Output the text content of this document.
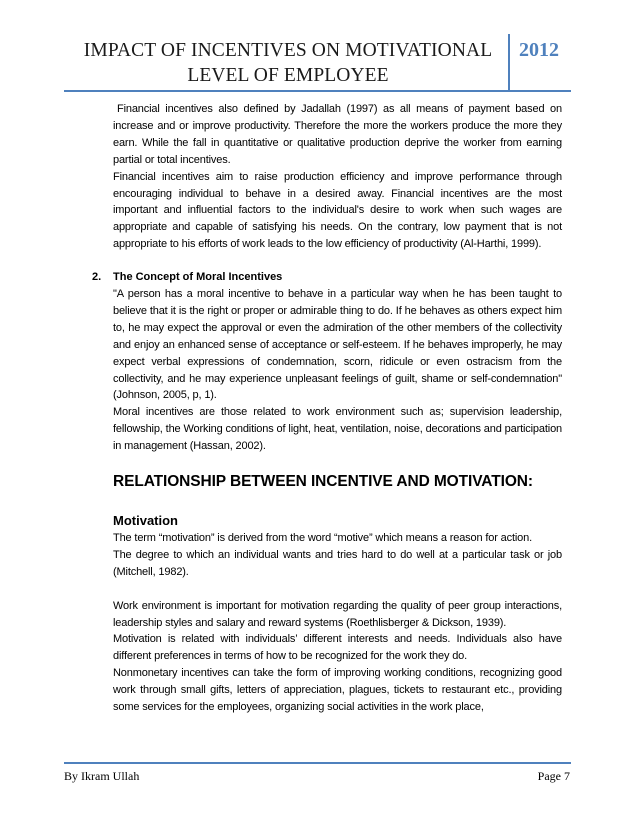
IMPACT OF INCENTIVES ON MOTIVATIONAL LEVEL OF EMPLOYEE
2012

Financial incentives also defined by Jadallah (1997) as all means of payment based on increase and or improve productivity. Therefore the more the workers produce the more they earn. While the fall in quantitative or qualitative production deprive the worker from earning partial or total incentives.

Financial incentives aim to raise production efficiency and improve performance through encouraging individual to behave in a desired away. Financial incentives are the most important and influential factors to the individual's desire to work when such wages are appropriate and capable of satisfying his needs. On the contrary, low payment that is not appropriate to his efforts of work leads to the low efficiency of productivity (Al-Harthi, 1999).

2. The Concept of Moral Incentives

"A person has a moral incentive to behave in a particular way when he has been taught to believe that it is the right or proper or admirable thing to do. If he behaves as others expect him to, he may expect the approval or even the admiration of the other members of the collectivity and enjoy an enhanced sense of acceptance or self-esteem. If he behaves improperly, he may expect verbal expressions of condemnation, scorn, ridicule or even ostracism from the collectivity, and he may experience unpleasant feelings of guilt, shame or self-condemnation" (Johnson, 2005, p, 1).

Moral incentives are those related to work environment such as; supervision leadership, fellowship, the Working conditions of light, heat, ventilation, noise, decorations and participation in management (Hassan, 2002).

RELATIONSHIP BETWEEN INCENTIVE AND MOTIVATION:
Motivation

The term “motivation” is derived from the word “motive” which means a reason for action.

The degree to which an individual wants and tries hard to do well at a particular task or job (Mitchell, 1982).

Work environment is important for motivation regarding the quality of peer group interactions, leadership styles and salary and reward systems (Roethlisberger & Dickson, 1939).

Motivation is related with individuals’ different interests and needs. Individuals also have different preferences in terms of how to be recognized for the work they do.

Nonmonetary incentives can take the form of improving working conditions, recognizing good work through small gifts, letters of appreciation, plagues, tickets to restaurant etc., providing some services for the employees, organizing social activities in the work place,

By Ikram Ullah	Page 7
